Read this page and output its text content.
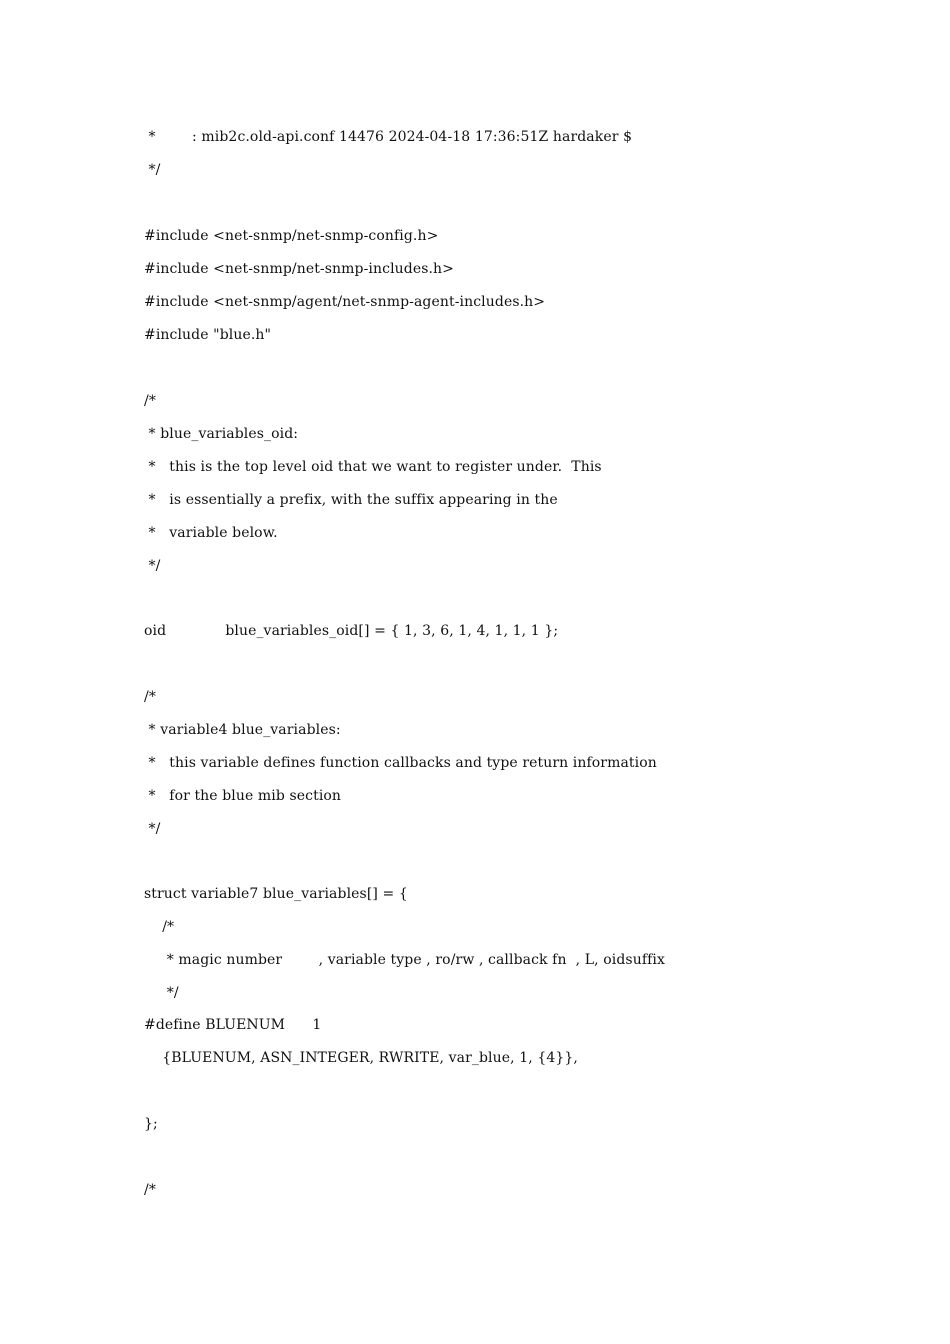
*        : mib2c.old-api.conf 14476 2024-04-18 17:36:51Z hardaker $
*/
#include <net-snmp/net-snmp-config.h>
#include <net-snmp/net-snmp-includes.h>
#include <net-snmp/agent/net-snmp-agent-includes.h>
#include "blue.h"
/*
* blue_variables_oid:
*   this is the top level oid that we want to register under.  This
*   is essentially a prefix, with the suffix appearing in the
*   variable below.
*/
oid             blue_variables_oid[] = { 1, 3, 6, 1, 4, 1, 1, 1 };
/*
* variable4 blue_variables:
*   this variable defines function callbacks and type return information
*   for the blue mib section
*/
struct variable7 blue_variables[] = {
/*
* magic number        , variable type , ro/rw , callback fn  , L, oidsuffix
*/
#define BLUENUM      1
{BLUENUM, ASN_INTEGER, RWRITE, var_blue, 1, {4}},
};
/*
